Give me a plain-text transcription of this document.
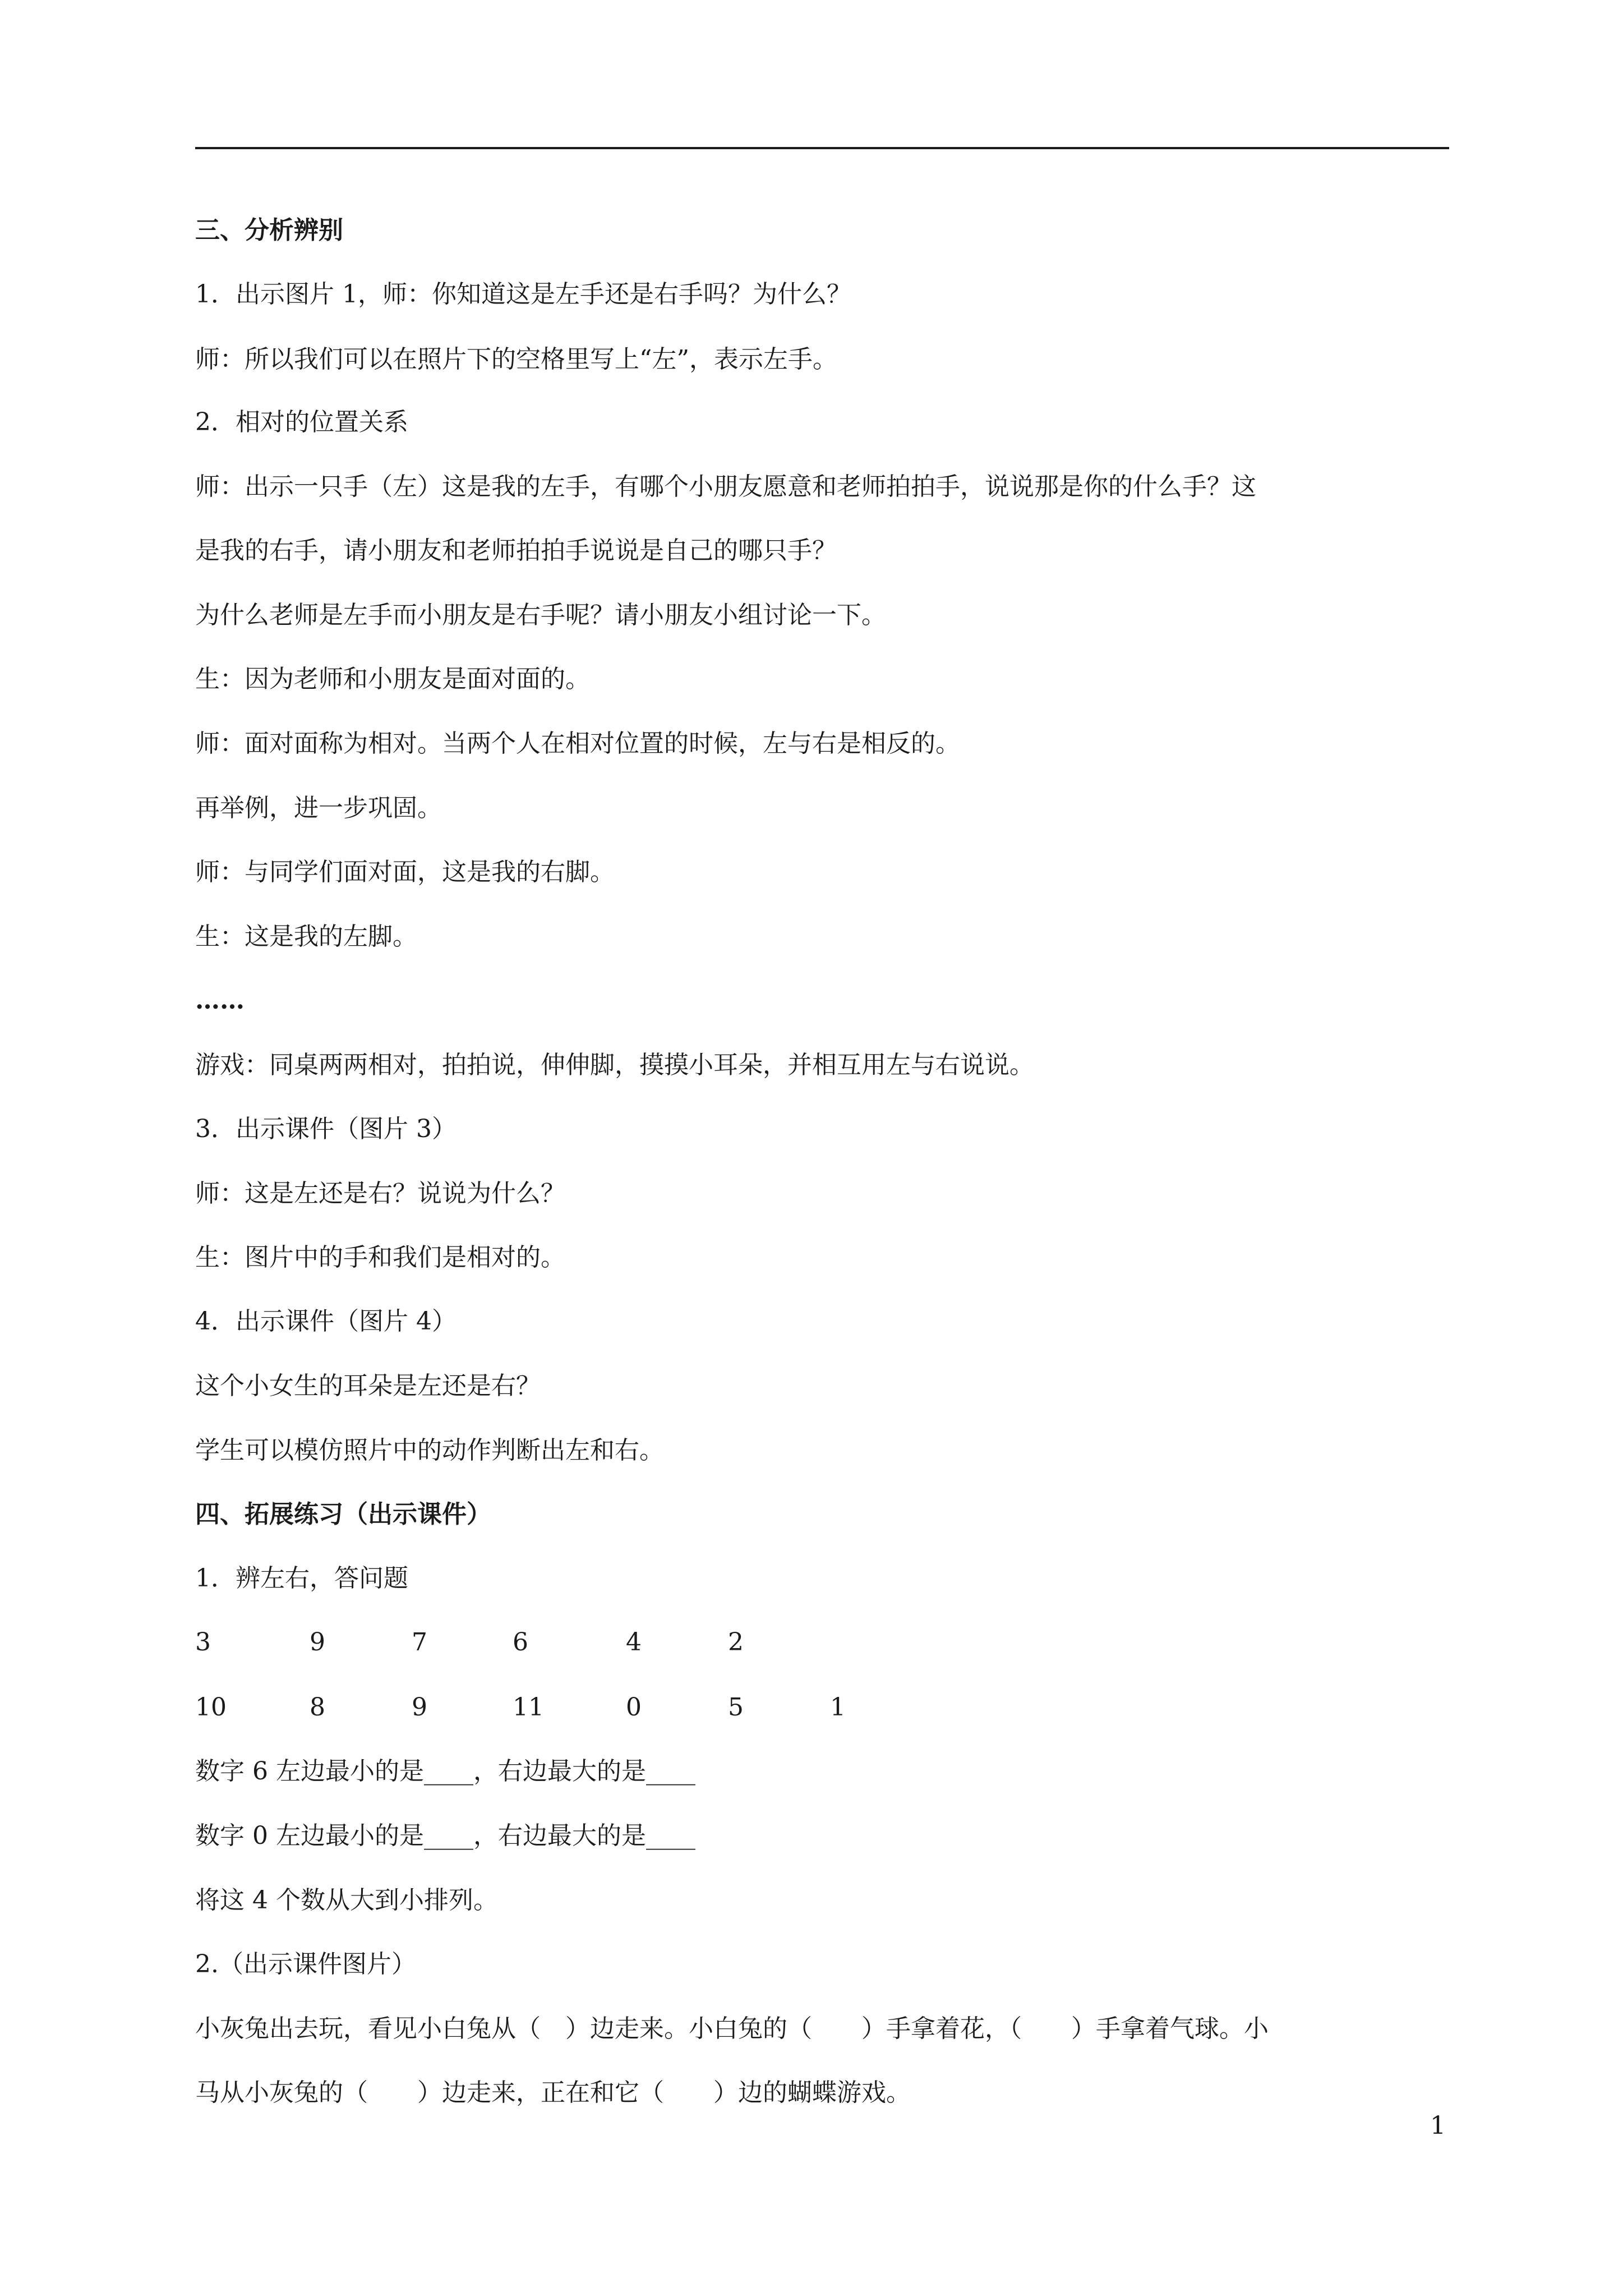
三、分析辨别
1．出示图片 1，师：你知道这是左手还是右手吗？为什么？
师：所以我们可以在照片下的空格里写上“左”，表示左手。
2．相对的位置关系
师：出示一只手（左）这是我的左手，有哪个小朋友愿意和老师拍拍手，说说那是你的什么手？这
是我的右手，请小朋友和老师拍拍手说说是自己的哪只手？
为什么老师是左手而小朋友是右手呢？请小朋友小组讨论一下。
生：因为老师和小朋友是面对面的。
师：面对面称为相对。当两个人在相对位置的时候，左与右是相反的。
再举例，进一步巩固。
师：与同学们面对面，这是我的右脚。
生：这是我的左脚。
……
游戏：同桌两两相对，拍拍说，伸伸脚，摸摸小耳朵，并相互用左与右说说。
3．出示课件（图片 3）
师：这是左还是右？说说为什么？
生：图片中的手和我们是相对的。
4．出示课件（图片 4）
这个小女生的耳朵是左还是右？
学生可以模仿照片中的动作判断出左和右。
四、拓展练习（出示课件）
1．辨左右，答问题
3	9	7	6	4	2
10	8	9	11	0	5	1
数字 6 左边最小的是____，右边最大的是____
数字 0 左边最小的是____，右边最大的是____
将这 4 个数从大到小排列。
2.（出示课件图片）
小灰兔出去玩，看见小白兔从（　）边走来。小白兔的（　　）手拿着花，（　　）手拿着气球。小
马从小灰兔的（　　）边走来，正在和它（　　）边的蝴蝶游戏。
1
